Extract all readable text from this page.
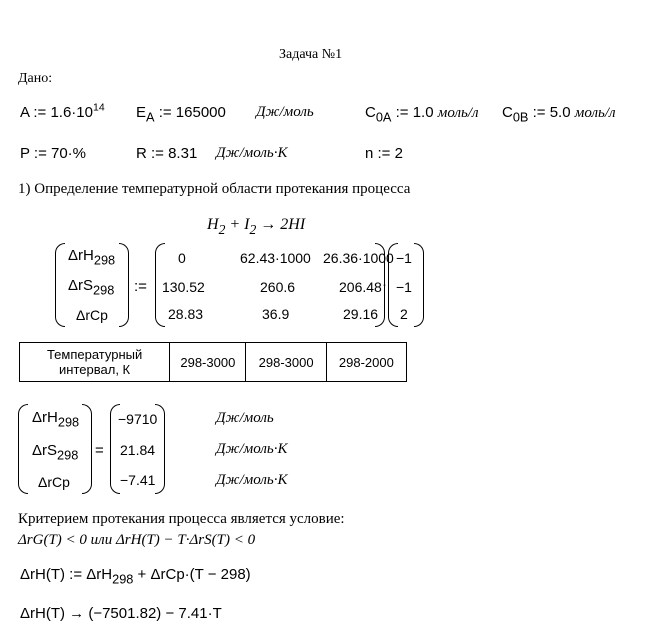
Задача №1
Дано:
A := $1.6\cdot 10^{14}$ $E_A$ := 165000 Дж/моль	$C_{0A}$ := 1.0 моль/л $C_{0B}$ := 5.0 моль/л
P := 70·%	R := 8.31 Дж/моль·К	n := 2
1) Определение температурной области протекания процесса
$H_2 + I_2 \to 2HI$
ΔrH$_{298}$
ΔrS$_{298}$
ΔrCp
:=
0	62.43·1000 26.36·1000
130.52	260.6	206.48
28.83	36.9	29.16
·
−1
−1
2
Температурный
интервал, К	298-3000	298-3000	298-2000
ΔrH$_{298}$
ΔrS$_{298}$
ΔrCp
=
−9710
21.84
−7.41
Дж/моль
Дж/моль·К
Дж/моль·К
Критерием протекания процесса является условие:
ΔrG(T) < 0 или ΔrH(T) − T·ΔrS(T) < 0
ΔrH(T) := ΔrH$_{298}$ + ΔrCp·(T − 298)
ΔrH(T) → (−7501.82) − 7.41·T
